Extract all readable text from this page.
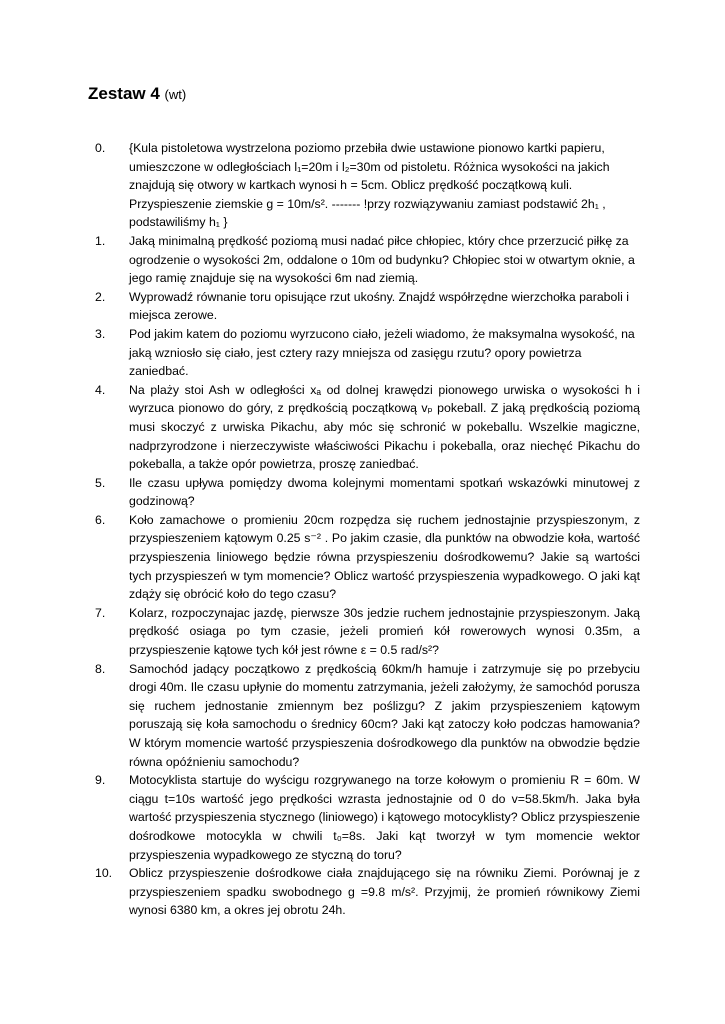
Zestaw 4 (wt)
0.	{Kula pistoletowa wystrzelona poziomo przebiła dwie ustawione pionowo kartki papieru, umieszczone w odległościach l₁=20m i l₂=30m od pistoletu. Różnica wysokości na jakich znajdują się otwory w kartkach wynosi h = 5cm. Oblicz prędkość początkową kuli. Przyspieszenie ziemskie g = 10m/s². ------- !przy rozwiązywaniu zamiast podstawić 2h₁ , podstawiliśmy h₁ }
1.	Jaką minimalną prędkość poziomą musi nadać piłce chłopiec, który chce przerzucić piłkę za ogrodzenie o wysokości 2m, oddalone o 10m od budynku? Chłopiec stoi w otwartym oknie, a jego ramię znajduje się na wysokości 6m nad ziemią.
2.	Wyprowadź równanie toru opisujące rzut ukośny. Znajdź współrzędne wierzchołka paraboli i miejsca zerowe.
3.	Pod jakim katem do poziomu wyrzucono ciało, jeżeli wiadomo, że maksymalna wysokość, na jaką wzniosło się ciało, jest cztery razy mniejsza od zasięgu rzutu? opory powietrza zaniedbać.
4.	Na plaży stoi Ash w odległości xₐ od dolnej krawędzi pionowego urwiska o wysokości h i wyrzuca pionowo do góry, z prędkością początkową vₚ pokeball. Z jaką prędkością poziomą musi skoczyć z urwiska Pikachu, aby móc się schronić w pokeballu. Wszelkie magiczne, nadprzyrodzone i nierzeczywiste właściwości Pikachu i pokeballa, oraz niechęć Pikachu do pokeballa, a także opór powietrza, proszę zaniedbać.
5.	Ile czasu upływa pomiędzy dwoma kolejnymi momentami spotkań wskazówki minutowej z godzinową?
6.	Koło zamachowe o promieniu 20cm rozpędza się ruchem jednostajnie przyspieszonym, z przyspieszeniem kątowym 0.25 s⁻² . Po jakim czasie, dla punktów na obwodzie koła, wartość przyspieszenia liniowego będzie równa przyspieszeniu dośrodkowemu? Jakie są wartości tych przyspieszeń w tym momencie? Oblicz wartość przyspieszenia wypadkowego. O jaki kąt zdąży się obrócić koło do tego czasu?
7.	Kolarz, rozpoczynajac jazdę, pierwsze 30s jedzie ruchem jednostajnie przyspieszonym. Jaką prędkość osiaga po tym czasie, jeżeli promień kół rowerowych wynosi 0.35m, a przyspieszenie kątowe tych kół jest równe ε = 0.5 rad/s²?
8.	Samochód jadący początkowo z prędkością 60km/h hamuje i zatrzymuje się po przebyciu drogi 40m. Ile czasu upłynie do momentu zatrzymania, jeżeli założymy, że samochód porusza się ruchem jednostanie zmiennym bez poślizgu? Z jakim przyspieszeniem kątowym poruszają się koła samochodu o średnicy 60cm? Jaki kąt zatoczy koło podczas hamowania? W którym momencie wartość przyspieszenia dośrodkowego dla punktów na obwodzie będzie równa opóźnieniu samochodu?
9.	Motocyklista startuje do wyścigu rozgrywanego na torze kołowym o promieniu R = 60m. W ciągu t=10s wartość jego prędkości wzrasta jednostajnie od 0 do v=58.5km/h. Jaka była wartość przyspieszenia stycznego (liniowego) i kątowego motocyklisty? Oblicz przyspieszenie dośrodkowe motocykla w chwili t₀=8s. Jaki kąt tworzył w tym momencie wektor przyspieszenia wypadkowego ze styczną do toru?
10.	Oblicz przyspieszenie dośrodkowe ciała znajdującego się na równiku Ziemi. Porównaj je z przyspieszeniem spadku swobodnego g =9.8 m/s². Przyjmij, że promień równikowy Ziemi wynosi 6380 km, a okres jej obrotu 24h.
